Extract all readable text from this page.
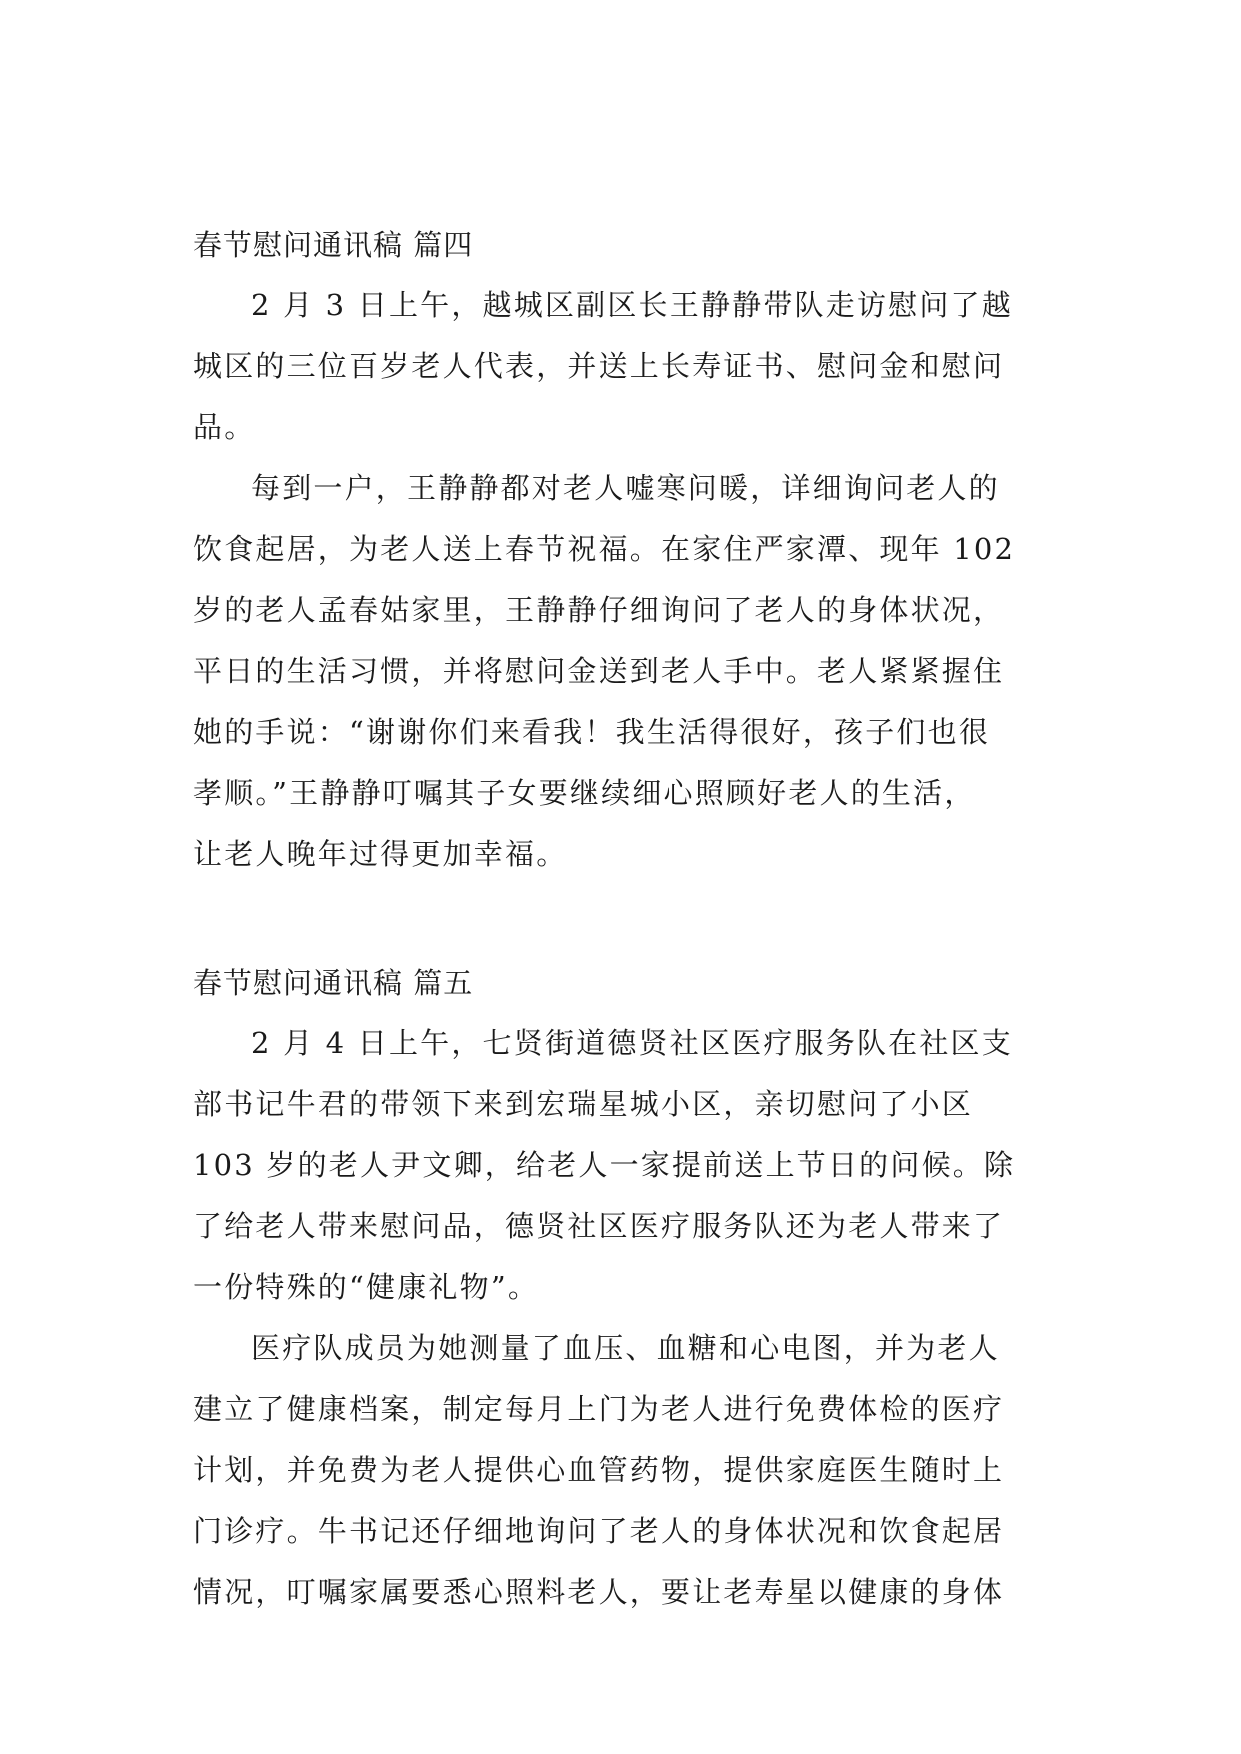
春节慰问通讯稿 篇四
2 月 3 日上午，越城区副区长王静静带队走访慰问了越
城区的三位百岁老人代表，并送上长寿证书、慰问金和慰问
品。
每到一户，王静静都对老人嘘寒问暖，详细询问老人的
饮食起居，为老人送上春节祝福。在家住严家潭、现年 102
岁的老人孟春姑家里，王静静仔细询问了老人的身体状况，
平日的生活习惯，并将慰问金送到老人手中。老人紧紧握住
她的手说：“谢谢你们来看我！我生活得很好，孩子们也很
孝顺。”王静静叮嘱其子女要继续细心照顾好老人的生活，
让老人晚年过得更加幸福。
春节慰问通讯稿 篇五
2 月 4 日上午，七贤街道德贤社区医疗服务队在社区支
部书记牛君的带领下来到宏瑞星城小区，亲切慰问了小区
103 岁的老人尹文卿，给老人一家提前送上节日的问候。除
了给老人带来慰问品，德贤社区医疗服务队还为老人带来了
一份特殊的“健康礼物”。
医疗队成员为她测量了血压、血糖和心电图，并为老人
建立了健康档案，制定每月上门为老人进行免费体检的医疗
计划，并免费为老人提供心血管药物，提供家庭医生随时上
门诊疗。牛书记还仔细地询问了老人的身体状况和饮食起居
情况，叮嘱家属要悉心照料老人，要让老寿星以健康的身体
